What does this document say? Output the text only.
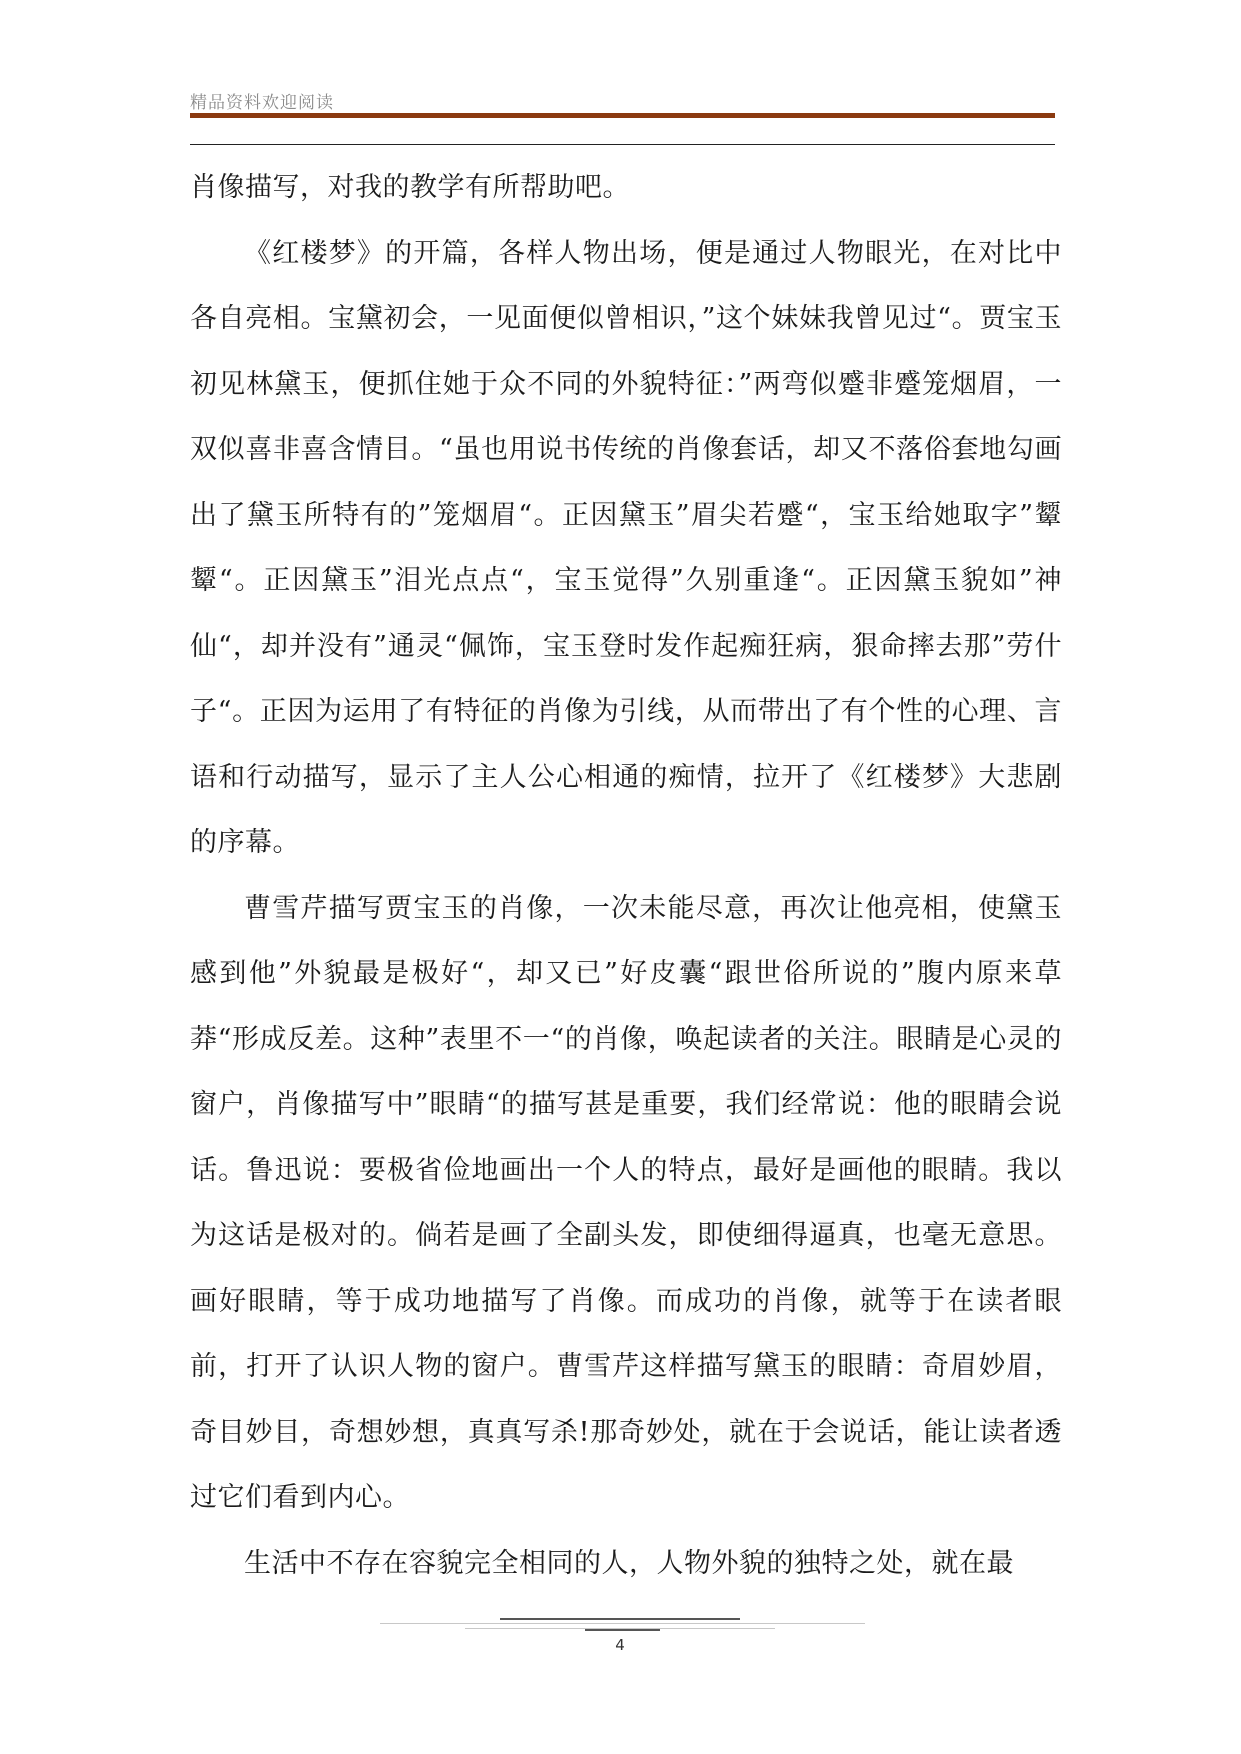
精品资料欢迎阅读

肖像描写，对我的教学有所帮助吧。

《红楼梦》的开篇，各样人物出场，便是通过人物眼光，在对比中各自亮相。宝黛初会，一见面便似曾相识，”这个妹妹我曾见过“。贾宝玉初见林黛玉，便抓住她于众不同的外貌特征：”两弯似蹙非蹙笼烟眉，一双似喜非喜含情目。“虽也用说书传统的肖像套话，却又不落俗套地勾画出了黛玉所特有的”笼烟眉“。正因黛玉”眉尖若蹙“，宝玉给她取字”颦颦“。正因黛玉”泪光点点“，宝玉觉得”久别重逢“。正因黛玉貌如”神仙“，却并没有”通灵“佩饰，宝玉登时发作起痴狂病，狠命摔去那”劳什子“。正因为运用了有特征的肖像为引线，从而带出了有个性的心理、言语和行动描写，显示了主人公心相通的痴情，拉开了《红楼梦》大悲剧的序幕。

曹雪芹描写贾宝玉的肖像，一次未能尽意，再次让他亮相，使黛玉感到他”外貌最是极好“，却又已”好皮囊“跟世俗所说的”腹内原来草莽“形成反差。这种”表里不一“的肖像，唤起读者的关注。眼睛是心灵的窗户，肖像描写中”眼睛“的描写甚是重要，我们经常说：他的眼睛会说话。鲁迅说：要极省俭地画出一个人的特点，最好是画他的眼睛。我以为这话是极对的。倘若是画了全副头发，即使细得逼真，也毫无意思。画好眼睛，等于成功地描写了肖像。而成功的肖像，就等于在读者眼前，打开了认识人物的窗户。曹雪芹这样描写黛玉的眼睛：奇眉妙眉，奇目妙目，奇想妙想，真真写杀!那奇妙处，就在于会说话，能让读者透过它们看到内心。

生活中不存在容貌完全相同的人，人物外貌的独特之处，就在最

4
